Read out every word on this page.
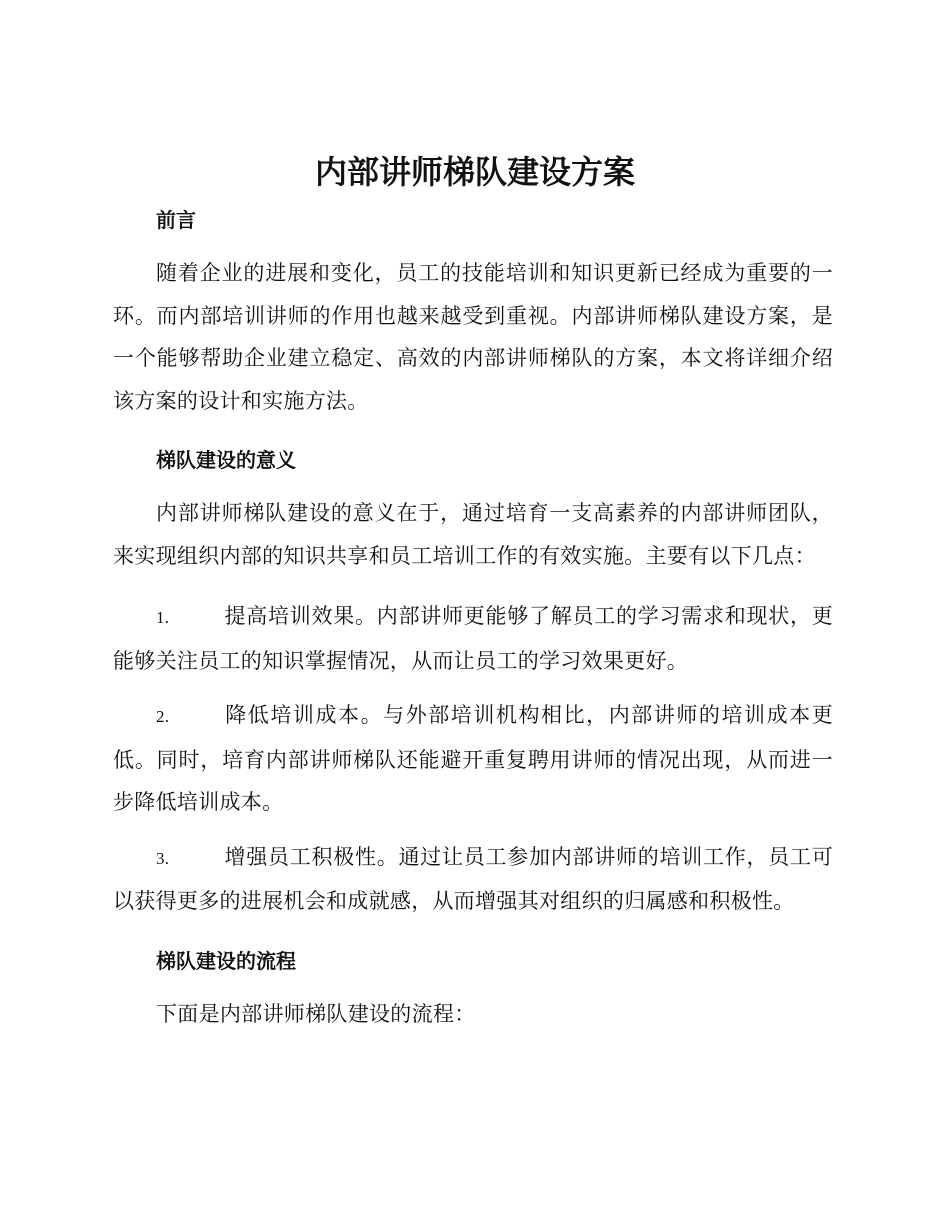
内部讲师梯队建设方案
前言

随着企业的进展和变化，员工的技能培训和知识更新已经成为重要的一环。而内部培训讲师的作用也越来越受到重视。内部讲师梯队建设方案，是一个能够帮助企业建立稳定、高效的内部讲师梯队的方案，本文将详细介绍该方案的设计和实施方法。

梯队建设的意义

内部讲师梯队建设的意义在于，通过培育一支高素养的内部讲师团队，来实现组织内部的知识共享和员工培训工作的有效实施。主要有以下几点：

1.	提高培训效果。内部讲师更能够了解员工的学习需求和现状，更能够关注员工的知识掌握情况，从而让员工的学习效果更好。

2.	降低培训成本。与外部培训机构相比，内部讲师的培训成本更低。同时，培育内部讲师梯队还能避开重复聘用讲师的情况出现，从而进一步降低培训成本。

3.	增强员工积极性。通过让员工参加内部讲师的培训工作，员工可以获得更多的进展机会和成就感，从而增强其对组织的归属感和积极性。

梯队建设的流程

下面是内部讲师梯队建设的流程：
